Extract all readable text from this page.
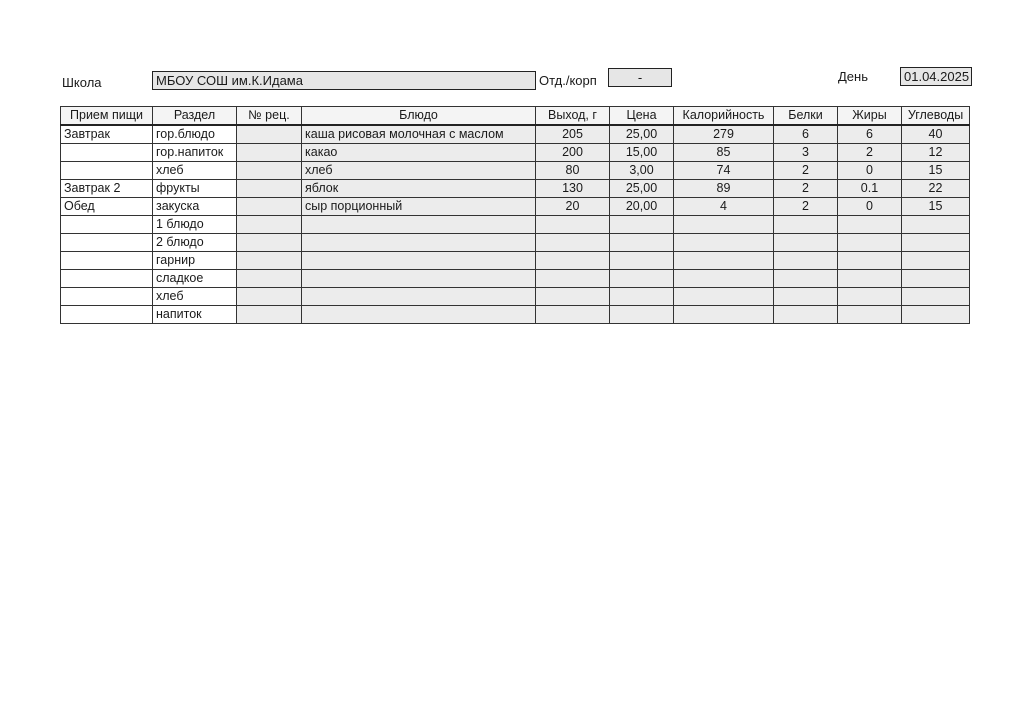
Школа	МБОУ СОШ им.К.Идама	Отд./корп	-	День	01.04.2025
Прием пищи	Раздел	№ рец.	Блюдо	Выход, г	Цена	Калорийность	Белки	Жиры	Углеводы
Завтрак	гор.блюдо		каша рисовая молочная с маслом	205	25,00	279	6	6	40
	гор.напиток		какао	200	15,00	85	3	2	12
	хлеб		хлеб	80	3,00	74	2	0	15
Завтрак 2	фрукты		яблок	130	25,00	89	2	0.1	22
Обед	закуска		сыр порционный	20	20,00	4	2	0	15
	1 блюдо								
	2 блюдо								
	гарнир								
	сладкое								
	хлеб								
	напиток								
